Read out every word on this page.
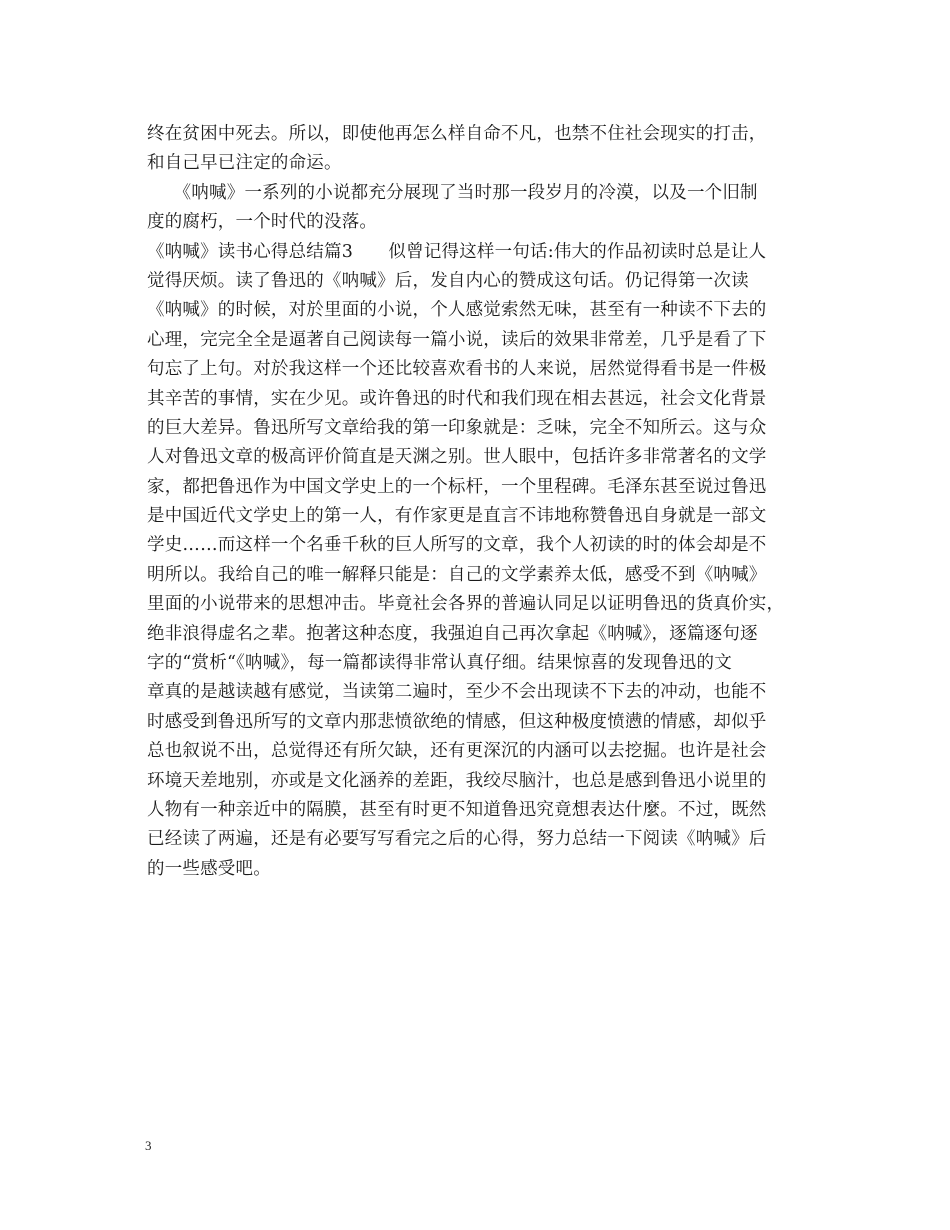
终在贫困中死去。所以，即使他再怎么样自命不凡，也禁不住社会现实的打击，
和自己早已注定的命运。
　　《呐喊》一系列的小说都充分展现了当时那一段岁月的冷漠，以及一个旧制
度的腐朽，一个时代的没落。
《呐喊》读书心得总结篇3　　似曾记得这样一句话:伟大的作品初读时总是让人
觉得厌烦。读了鲁迅的《呐喊》后，发自内心的赞成这句话。仍记得第一次读
《呐喊》的时候，对於里面的小说，个人感觉索然无味，甚至有一种读不下去的
心理，完完全全是逼著自己阅读每一篇小说，读后的效果非常差，几乎是看了下
句忘了上句。对於我这样一个还比较喜欢看书的人来说，居然觉得看书是一件极
其辛苦的事情，实在少见。或许鲁迅的时代和我们现在相去甚远，社会文化背景
的巨大差异。鲁迅所写文章给我的第一印象就是：乏味，完全不知所云。这与众
人对鲁迅文章的极高评价简直是天渊之别。世人眼中，包括许多非常著名的文学
家，都把鲁迅作为中国文学史上的一个标杆，一个里程碑。毛泽东甚至说过鲁迅
是中国近代文学史上的第一人，有作家更是直言不讳地称赞鲁迅自身就是一部文
学史……而这样一个名垂千秋的巨人所写的文章，我个人初读的时的体会却是不
明所以。我给自己的唯一解释只能是：自己的文学素养太低，感受不到《呐喊》
里面的小说带来的思想冲击。毕竟社会各界的普遍认同足以证明鲁迅的货真价实，
绝非浪得虚名之辈。抱著这种态度，我强迫自己再次拿起《呐喊》，逐篇逐句逐
字的“赏析“《呐喊》，每一篇都读得非常认真仔细。结果惊喜的发现鲁迅的文
章真的是越读越有感觉，当读第二遍时，至少不会出现读不下去的冲动，也能不
时感受到鲁迅所写的文章内那悲愤欲绝的情感，但这种极度愤懑的情感，却似乎
总也叙说不出，总觉得还有所欠缺，还有更深沉的内涵可以去挖掘。也许是社会
环境天差地别，亦或是文化涵养的差距，我绞尽脑汁，也总是感到鲁迅小说里的
人物有一种亲近中的隔膜，甚至有时更不知道鲁迅究竟想表达什麼。不过，既然
已经读了两遍，还是有必要写写看完之后的心得，努力总结一下阅读《呐喊》后
的一些感受吧。
3
